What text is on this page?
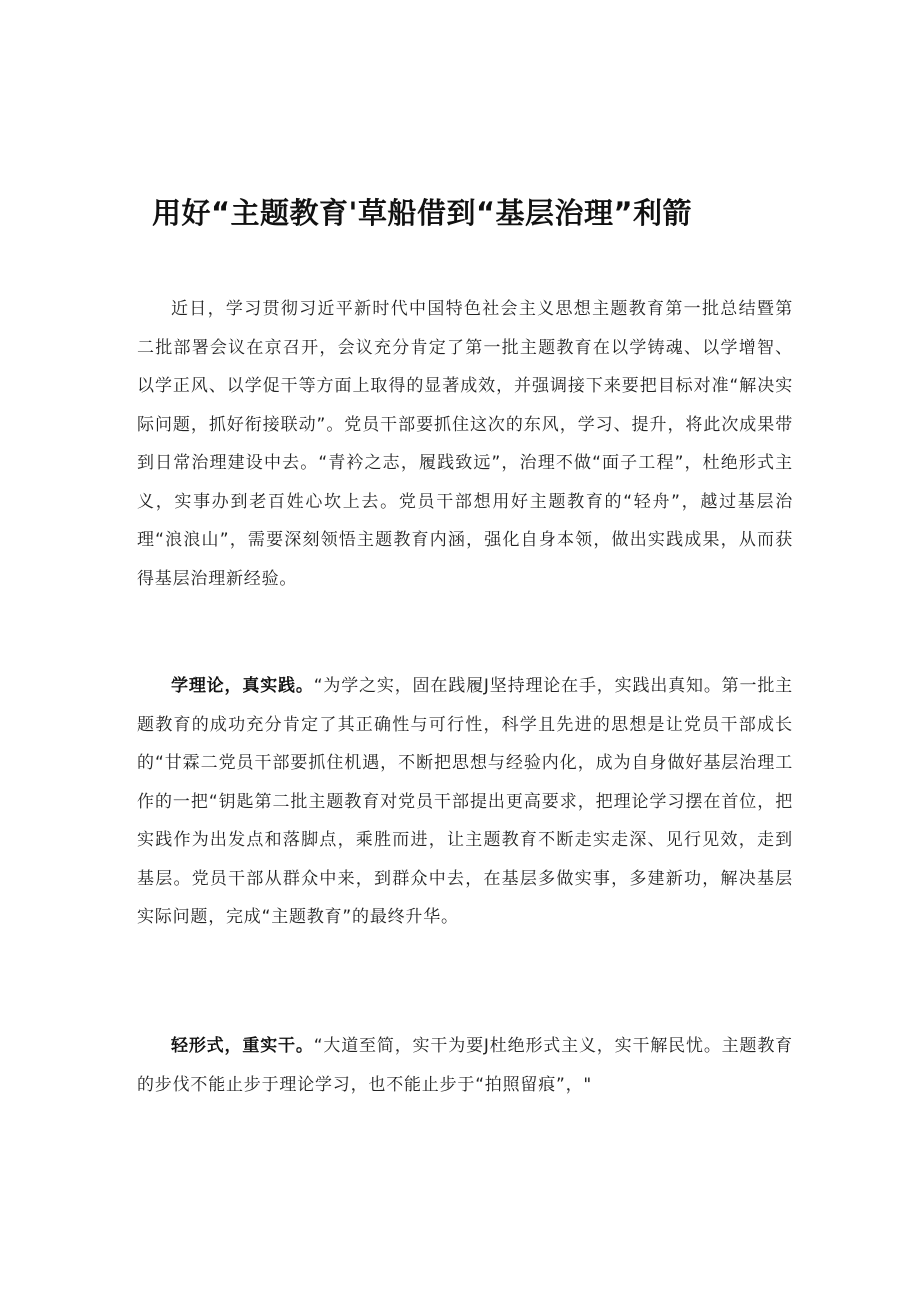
用好“主题教育'草船借到“基层治理”利箭

近日，学习贯彻习近平新时代中国特色社会主义思想主题教育第一批总结暨第二批部署会议在京召开，会议充分肯定了第一批主题教育在以学铸魂、以学增智、以学正风、以学促干等方面上取得的显著成效，并强调接下来要把目标对准“解决实际问题，抓好衔接联动”。党员干部要抓住这次的东风，学习、提升，将此次成果带到日常治理建设中去。“青衿之志，履践致远”，治理不做“面子工程”，杜绝形式主义，实事办到老百姓心坎上去。党员干部想用好主题教育的“轻舟”，越过基层治理“浪浪山”，需要深刻领悟主题教育内涵，强化自身本领，做出实践成果，从而获得基层治理新经验。

学理论，真实践。“为学之实，固在践履J坚持理论在手，实践出真知。第一批主题教育的成功充分肯定了其正确性与可行性，科学且先进的思想是让党员干部成长的“甘霖二党员干部要抓住机遇，不断把思想与经验内化，成为自身做好基层治理工作的一把“钥匙第二批主题教育对党员干部提出更高要求，把理论学习摆在首位，把实践作为出发点和落脚点，乘胜而进，让主题教育不断走实走深、见行见效，走到基层。党员干部从群众中来，到群众中去，在基层多做实事，多建新功，解决基层实际问题，完成“主题教育”的最终升华。

轻形式，重实干。“大道至简，实干为要J杜绝形式主义，实干解民忧。主题教育的步伐不能止步于理论学习，也不能止步于“拍照留痕”，"
